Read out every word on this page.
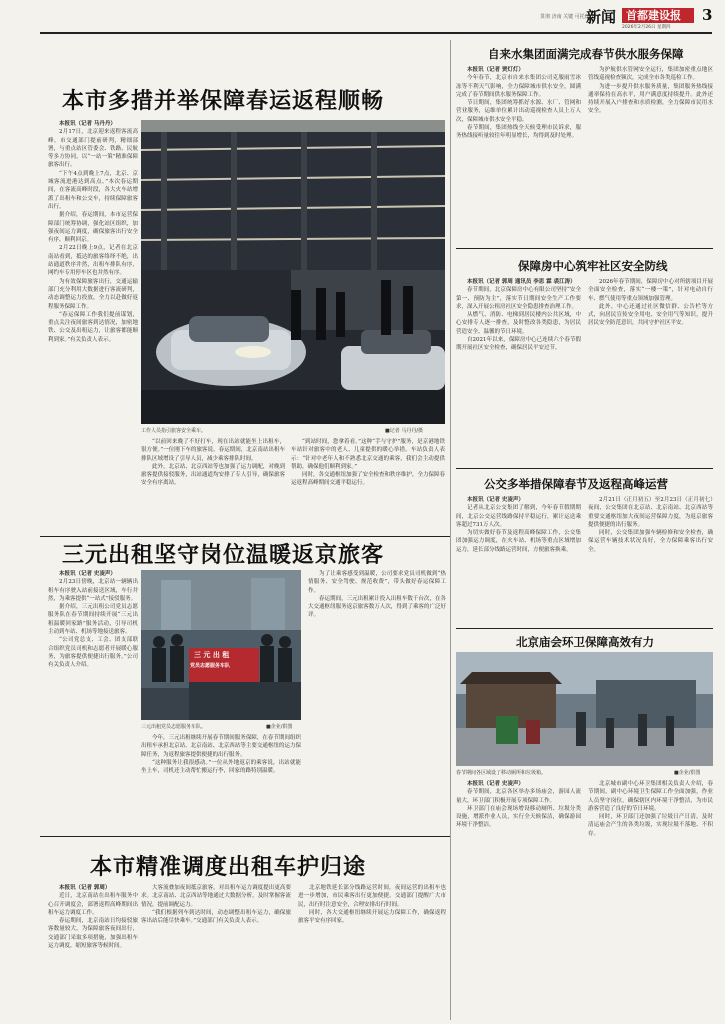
贯彻 济南 关键 可托付
新闻 首都建设报 3
2026年2月26日 星期四
本市多措并举保障春运返程顺畅

本报讯（记者 马丹丹）

2月17日，北京迎来返程客流高峰。市交通部门提前研判，精细部署，与重点站区管委会、铁路、民航等多方协同，以“一站一策”精准保障旅客出行。

“下午4点到晚上7点，北京、京城客流进港达到高点。”本次春运期间，在客流高峰时段，各大火车站增派了出租车和公交车，持续保障旅客出行。

据介绍，春运期间，本市运营保障部门统筹协调，强化站区组织，加强夜间运力调度，确保旅客出行安全有序，顺利回京。

2月22日晚上9点，记者在北京南站看到，抵达的旅客络绎不绝，出站通道秩序井然，出租车排队有序，网约车专用停车区也井然有序。

为有效保障旅客出行，交通运输部门充分利用大数据进行客流研判，动态调整运力投放，全力以赴做好返程服务保障工作。

“春运保障工作我们提前谋划，重点关注夜间旅客到达情况，加密地铁、公交及出租运力，让旅客都能顺利到家。”有关负责人表示。

工作人员指引旅客安全乘车。	■记者 马丹丹/摄

“以前回来晚了不好打车，现在出站就能坐上出租车，很方便。”一位刚下车的旅客说。春运期间，北京南站出租车排队区域增设了引导人员，减少乘客排队时间。

此外，北京站、北京西站等也加强了运力调配，对晚到旅客提供接驳服务，出站通道均安排了专人引导，确保旅客安全有序离站。

“到站时间，您拿着看。”这种“手与守护”服务，是京港地铁车站针对旅客中的老人、儿童提供的暖心举措。车站负责人表示：“针对中老年人和不熟悉北京交通的乘客，我们会主动提供帮助，确保他们顺利到家。”

同时，各交通枢纽加强了安全检查和秩序维护，全力保障春运返程高峰期间交通平稳运行。

自来水集团面满完成春节供水服务保障

本报讯（记者 贾灯灯）

今年春节，北京市自来水集团公司克服雨雪冰冻等不利天气影响，全力保障城市供水安全，圆满完成了春节期间供水服务保障工作。

节日期间，集团统筹抓好水源、水厂、管网和营业服务，运维单位累计出动巡视检查人员上万人次，保障城市供水安全平稳。

春节期间，集团热线全天候受理市民诉求，服务热线接听量较往年明显增长，均得到及时处理。

为护航供水管网安全运行，集团加密重点地区管线巡视检查频次，完成全市各类巡检工作。

为进一步提升供水服务质量，集团服务热线接通率保持在高水平，用户满意度持续提升。此外还持续开展入户排查和水质检测，全力保障市民用水安全。

保障房中心筑牢社区安全防线

本报讯（记者 郭周 通讯员 李思 霖 裘江涛）

春节期间，北京保障房中心有限公司坚持“安全第一、预防为主”，落实节日期间安全生产工作要求，深入开展公租房社区安全隐患排查治理工作。

从燃气、消防、电梯到居民楼内公共区域，中心安排专人逐一排查，及时整改各类隐患，为居民营造安全、温馨的节日环境。

自2021年以来，保障房中心已连续六个春节假期开展社区安全检查，确保居民平安过节。

2026年春节期间，保障房中心对所辖项目开展全面安全检查，落实“一楼一策”，针对电动自行车、燃气使用等重点领域加强管理。

此外，中心还通过社区微信群、公告栏等方式，向居民宣传安全用电、安全用气等知识，提升居民安全防范意识，共同守护社区平安。

公交多举措保障春节及返程高峰运营

本报讯（记者 史凌声）

记者从北京公交集团了解到，今年春节假期期间，北京公交运营线路保持平稳运行，累计运送乘客超过731万人次。

为切实做好春节及返程高峰保障工作，公交集团加强运力调度，在火车站、机场等重点区域增加运力，延长部分线路运营时间，方便旅客换乘。

2月21日（正月初五）至2月23日（正月初七）夜间，公交集团在北京站、北京南站、北京西站等重要交通枢纽加大夜间运营保障力度，为返京旅客提供便捷的出行服务。

同时，公交集团加强车辆检修和安全检查，确保运营车辆技术状况良好，全力保障乘客出行安全。

三元出租坚守岗位温暖返京旅客

本报讯（记者 史凌声）

2月23日傍晚，北京站一辆辆出租车有序驶入站前接送区域，车行井然，为乘客提供“一站式”接驳服务。

据介绍，三元出租公司党员志愿服务队在春节期间持续开展“三元出租温暖回家路”服务活动，引导司机主动到车站、机场等地接送旅客。

“公司党总支、工会、团支部联合组织党员司机和志愿者开展暖心服务，为旅客提供便捷出行服务。”公司有关负责人介绍。

三 元 出 租
党员志愿服务车队
三元出租党员志愿服务车队。	■企业/供图

今年，三元出租继续开展春节期间服务保障，在春节期间组织出租车承担北京站、北京南站、北京西站等主要交通枢纽的运力保障任务，为返程旅客提供便捷的出行服务。

“这种服务让我很感动。”一位从外地返京的乘客说，出站就能坐上车，司机还主动帮忙搬运行李，回家的路特别温暖。

为了让乘客感受到温暖，公司要求党员司机做到“热情服务、安全驾驶、规范收费”，带头做好春运保障工作。

春运期间，三元出租累计投入出租车数千台次，在各大交通枢纽服务返京旅客数万人次，得到了乘客的广泛好评。

北京庙会环卫保障高效有力
春节期间各区域设了移动厕所和垃圾箱。	■企业/供图

本报讯（记者 史凌声）

春节期间，北京各区举办多场庙会，游园人流量大，环卫部门积极开展专项保障工作。

环卫部门在庙会现场增设移动厕所、垃圾分类设施，增派作业人员，实行全天候保洁，确保游园环境干净整洁。

北京城市副中心环卫集团相关负责人介绍，春节期间，副中心环境卫生保障工作全面加强，作业人员坚守岗位，确保辖区内环境干净整洁，为市民游客营造了良好的节日环境。

同时，环卫部门还加强了垃圾日产日清，及时清运庙会产生的各类垃圾，实现垃圾不落地、不积存。

本市精准调度出租车护归途

本报讯（记者 郭周）

近日，北京南站在出租车服务中心召开调度会，部署返程高峰期间出租车运力调度工作。

春运期间，北京南站日均接驳旅客数量较大，为保障旅客夜间出行，交通部门采取多项措施，加强出租车运力调度，缩短旅客等候时间。

大客流叠加夜间抵京旅客，对出租车运力调度提出更高要求。北京南站、北京西站等地通过大数据分析，及时掌握客流情况，提前调配运力。

“我们根据列车到达时间，动态调整出租车运力，确保旅客出站后能尽快乘车。”交通部门有关负责人表示。

北京地铁延长部分线路运营时间，夜间运营的出租车也进一步增加，市民乘客出行更加便捷。交通部门提醒广大市民，出行时注意安全，合理安排出行时间。

同时，各大交通枢纽继续开展运力保障工作，确保返程旅客平安有序回家。
